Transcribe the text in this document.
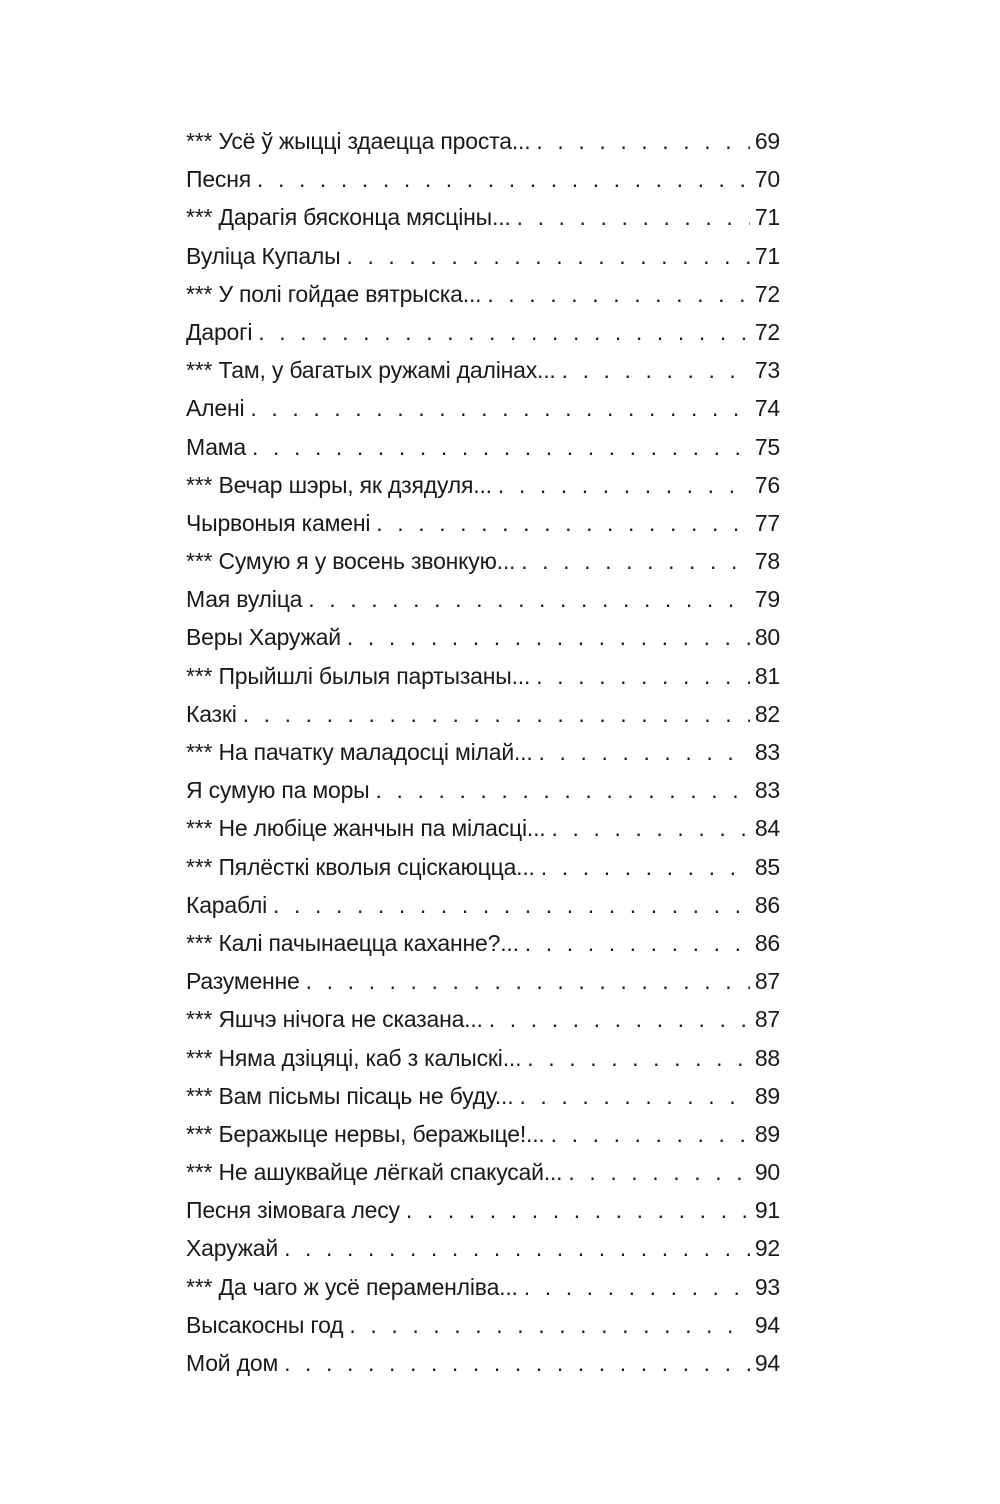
*** Усё ў жыцці здаецца проста... . . .	69
Песня . . .	70
*** Дарагія бясконца мясціны... . . .	71
Вуліца Купалы . . .	71
*** У полі гойдае вятрыска... . . .	72
Дарогі . . .	72
*** Там, у багатых ружамі далінах... . . .	73
Алені . . .	74
Мама . . .	75
*** Вечар шэры, як дзядуля... . . .	76
Чырвоныя камені . . .	77
*** Сумую я у восень звонкую... . . .	78
Мая вуліца . . .	79
Веры Харужай . . .	80
*** Прыйшлі былыя партызаны... . . .	81
Казкі . . .	82
*** На пачатку маладосці мілай... . . .	83
Я сумую па моры . . .	83
*** Не любіце жанчын па міласці... . . .	84
*** Пялёсткі кволыя сціскаюцца... . . .	85
Караблі . . .	86
*** Калі пачынаецца каханне?... . . .	86
Разуменне . . .	87
*** Яшчэ нічога не сказана... . . .	87
*** Няма дзіцяці, каб з калыскі... . . .	88
*** Вам пісьмы пісаць не буду... . . .	89
*** Беражыце нервы, беражыце!... . . .	89
*** Не ашуквайце лёгкай спакусай... . . .	90
Песня зімовага лесу . . .	91
Харужай . . .	92
*** Да чаго ж усё пераменліва... . . .	93
Высакосны год . . .	94
Мой дом . . .	94
